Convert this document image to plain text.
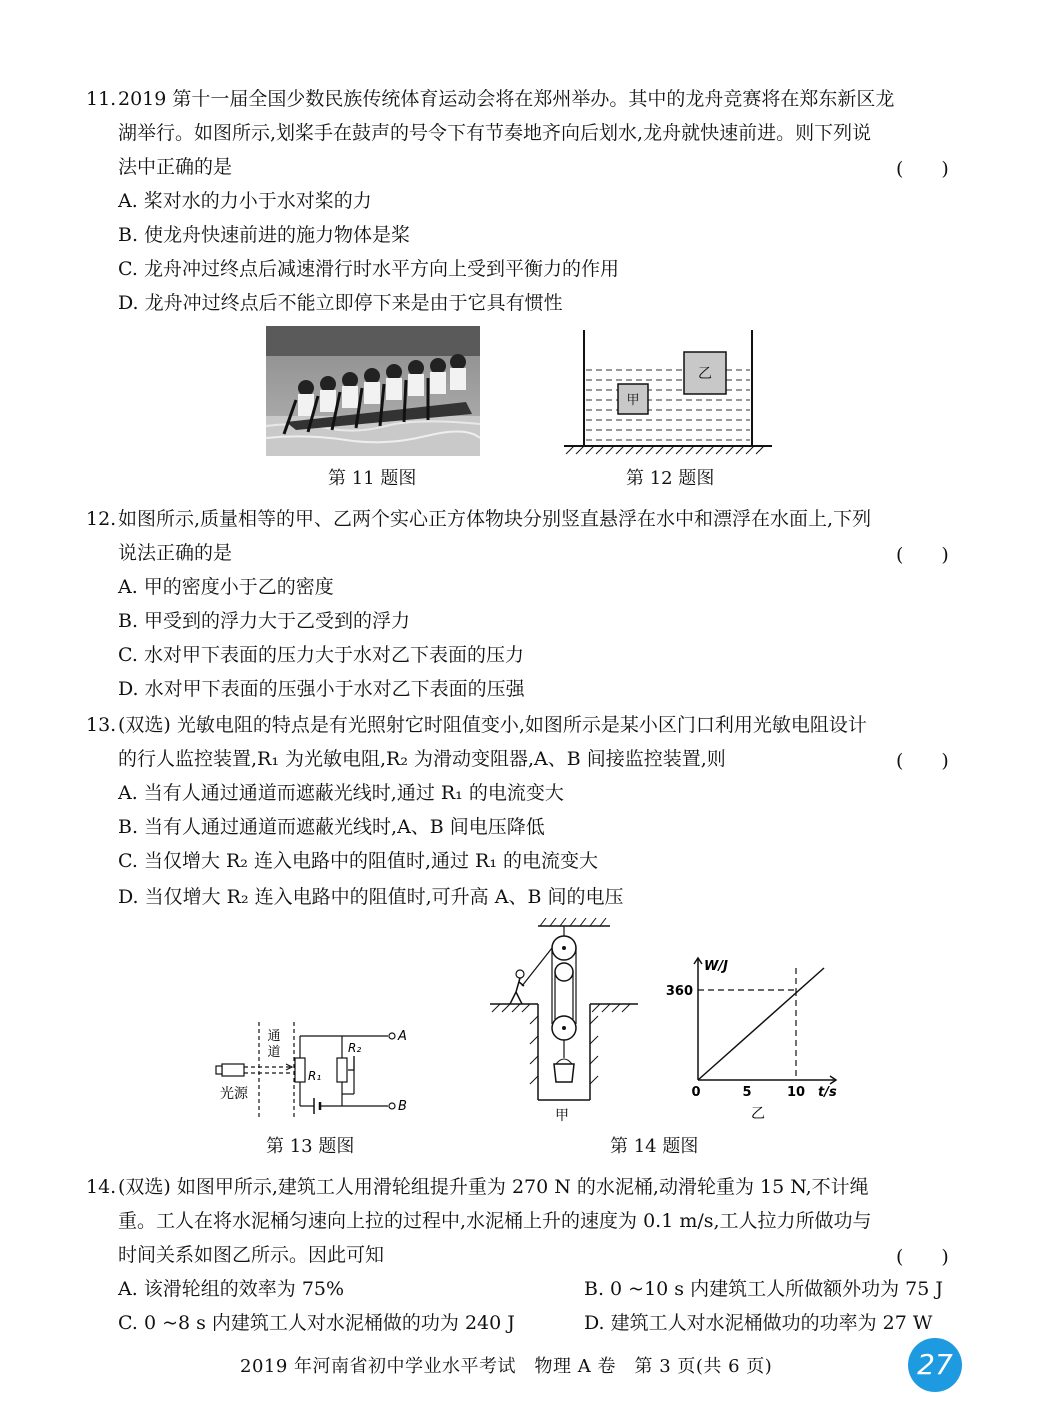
11. 2019 第十一届全国少数民族传统体育运动会将在郑州举办。其中的龙舟竞赛将在郑东新区龙
湖举行。如图所示,划桨手在鼓声的号令下有节奏地齐向后划水,龙舟就快速前进。则下列说
法中正确的是	(　　)
A. 桨对水的力小于水对桨的力
B. 使龙舟快速前进的施力物体是桨
C. 龙舟冲过终点后减速滑行时水平方向上受到平衡力的作用
D. 龙舟冲过终点后不能立即停下来是由于它具有惯性
第 11 题图
甲
乙
第 12 题图
12. 如图所示,质量相等的甲、乙两个实心正方体物块分别竖直悬浮在水中和漂浮在水面上,下列
说法正确的是	(　　)
A. 甲的密度小于乙的密度
B. 甲受到的浮力大于乙受到的浮力
C. 水对甲下表面的压力大于水对乙下表面的压力
D. 水对甲下表面的压强小于水对乙下表面的压强
13. (双选) 光敏电阻的特点是有光照射它时阻值变小,如图所示是某小区门口利用光敏电阻设计
的行人监控装置,R₁ 为光敏电阻,R₂ 为滑动变阻器,A、B 间接监控装置,则	(　　)
A. 当有人通过通道而遮蔽光线时,通过 R₁ 的电流变大
B. 当有人通过通道而遮蔽光线时,A、B 间电压降低
C. 当仅增大 R₂ 连入电路中的阻值时,通过 R₁ 的电流变大
D. 当仅增大 R₂ 连入电路中的阻值时,可升高 A、B 间的电压
通
道
光源
R₁
R₂
A
B
第 13 题图
甲
W/J
360
0	5	10 t/s
乙
第 14 题图
14. (双选) 如图甲所示,建筑工人用滑轮组提升重为 270 N 的水泥桶,动滑轮重为 15 N,不计绳
重。工人在将水泥桶匀速向上拉的过程中,水泥桶上升的速度为 0.1 m/s,工人拉力所做功与
时间关系如图乙所示。因此可知	(　　)
A. 该滑轮组的效率为 75%	B. 0 ~10 s 内建筑工人所做额外功为 75 J
C. 0 ~8 s 内建筑工人对水泥桶做的功为 240 J	D. 建筑工人对水泥桶做功的功率为 27 W
2019 年河南省初中学业水平考试　物理 A 卷　第 3 页(共 6 页)	27
